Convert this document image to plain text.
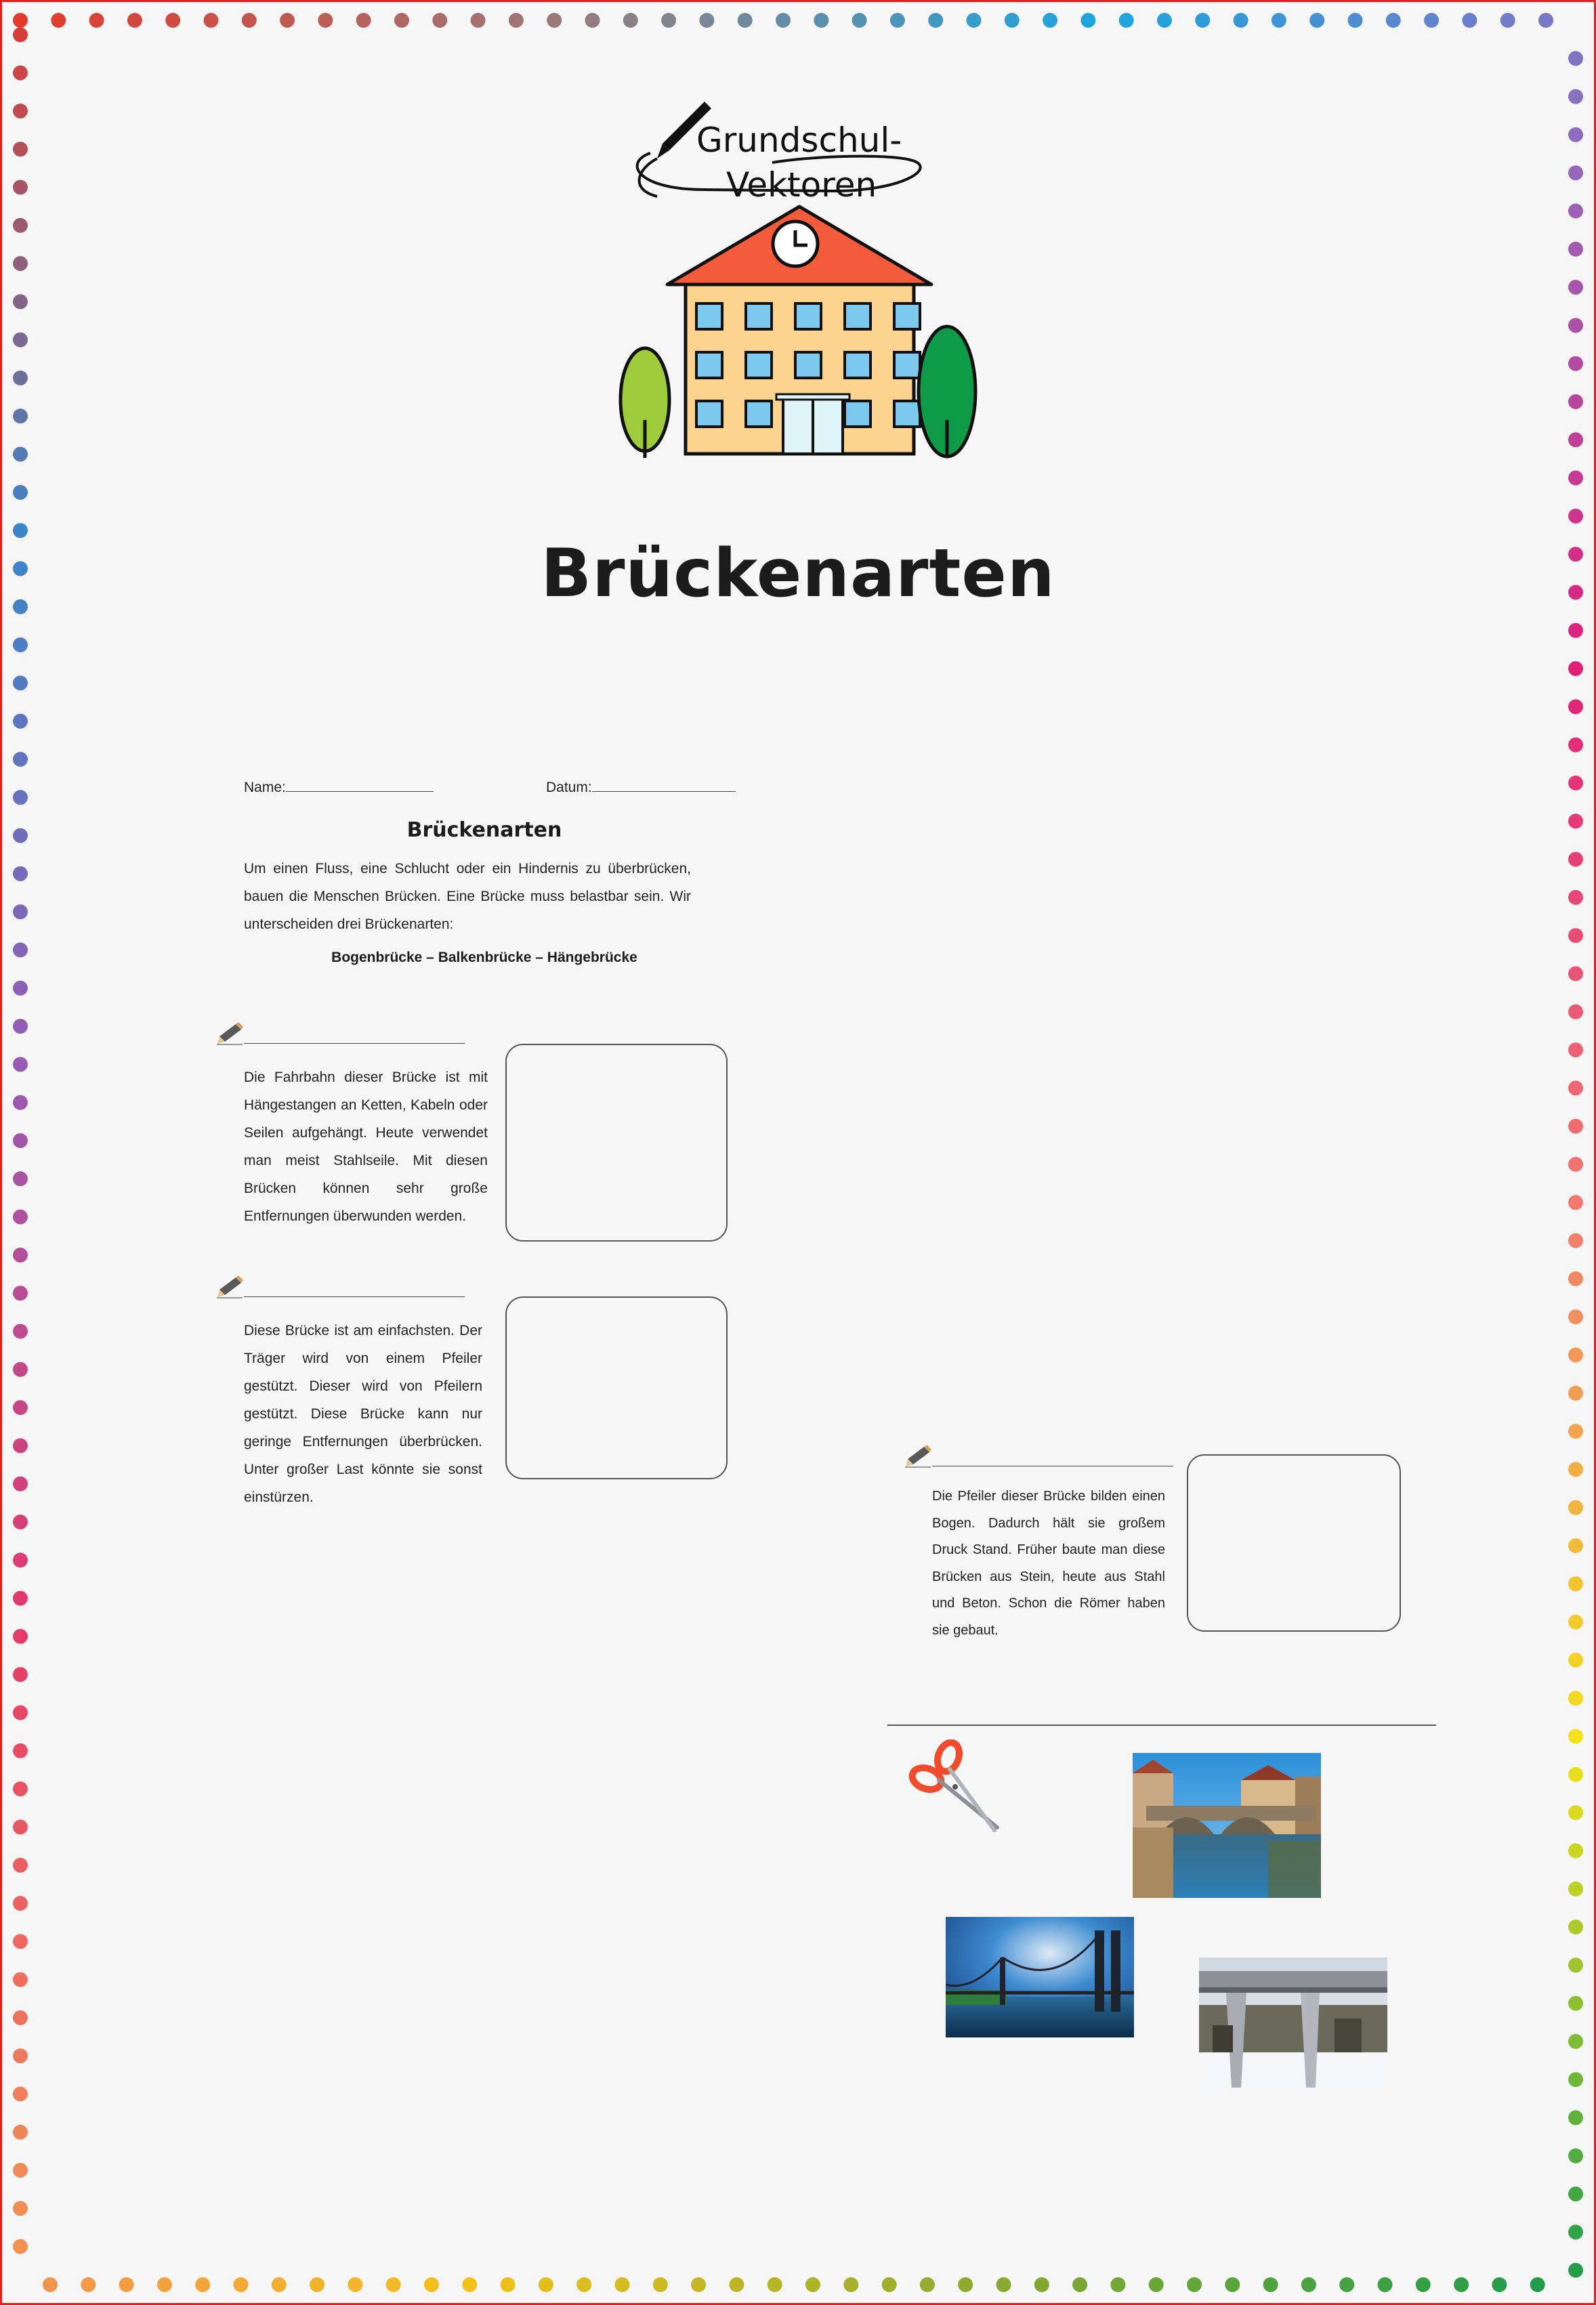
Grundschul-
Vektoren
Brückenarten
Name:	Datum:
Brückenarten
Um einen Fluss, eine Schlucht oder ein Hindernis zu überbrücken, bauen die Menschen Brücken. Eine Brücke muss belastbar sein. Wir unterscheiden drei Brückenarten:
Bogenbrücke – Balkenbrücke – Hängebrücke
Die Fahrbahn dieser Brücke ist mit Hängestangen an Ketten, Kabeln oder Seilen aufgehängt. Heute verwendet man meist Stahlseile. Mit diesen Brücken können sehr große Entfernungen überwunden werden.
Diese Brücke ist am einfachsten. Der Träger wird von einem Pfeiler gestützt. Dieser wird von Pfeilern gestützt. Diese Brücke kann nur geringe Entfernungen überbrücken. Unter großer Last könnte sie sonst einstürzen.	Die Pfeiler dieser Brücke bilden einen Bogen. Dadurch hält sie großem Druck Stand. Früher baute man diese Brücken aus Stein, heute aus Stahl und Beton. Schon die Römer haben sie gebaut.
